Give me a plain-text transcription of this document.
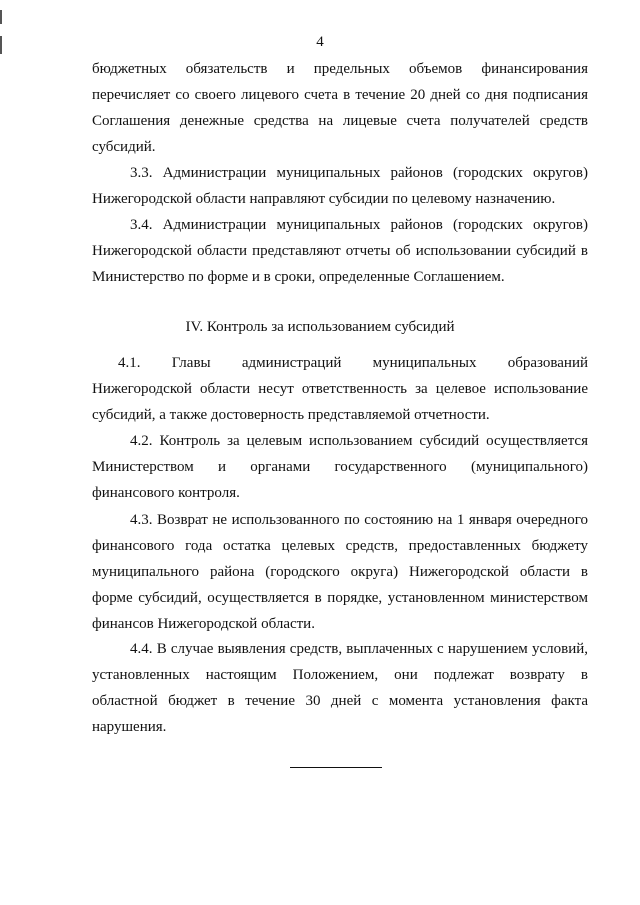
4
бюджетных обязательств и предельных объемов финансирования
перечисляет со своего лицевого счета в течение 20 дней со дня подписания
Соглашения денежные средства на лицевые счета получателей средств
субсидий.
3.3. Администрации муниципальных районов (городских округов)
Нижегородской области направляют субсидии по целевому назначению.
3.4. Администрации муниципальных районов (городских округов)
Нижегородской области представляют отчеты об использовании субсидий в
Министерство по форме и в сроки, определенные Соглашением.
IV. Контроль за использованием субсидий
4.1. Главы администраций муниципальных образований
Нижегородской области несут ответственность за целевое использование
субсидий, а также достоверность представляемой отчетности.
4.2. Контроль за целевым использованием субсидий осуществляется
Министерством и органами государственного (муниципального)
финансового контроля.
4.3. Возврат не использованного по состоянию на 1 января очередного
финансового года остатка целевых средств, предоставленных бюджету
муниципального района (городского округа) Нижегородской области в
форме субсидий, осуществляется в порядке, установленном министерством
финансов Нижегородской области.
4.4. В случае выявления средств, выплаченных с нарушением условий,
установленных настоящим Положением, они подлежат возврату в
областной бюджет в течение 30 дней с момента установления факта
нарушения.
